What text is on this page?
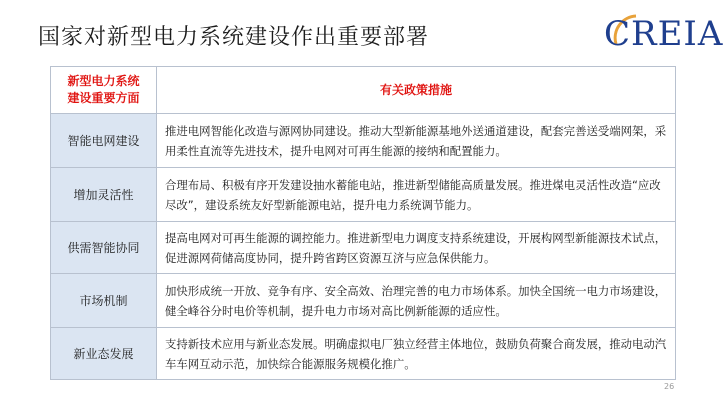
国家对新型电力系统建设作出重要部署	CREIA
新型电力系统
建设重要方面
有关政策措施
智能电网建设
推进电网智能化改造与源网协同建设。推动大型新能源基地外送通道建设，配套完善送受端网架，采用柔性直流等先进技术，提升电网对可再生能源的接纳和配置能力。
增加灵活性
合理布局、积极有序开发建设抽水蓄能电站，推进新型储能高质量发展。推进煤电灵活性改造“应改尽改”，建设系统友好型新能源电站，提升电力系统调节能力。
供需智能协同
提高电网对可再生能源的调控能力。推进新型电力调度支持系统建设，开展构网型新能源技术试点，促进源网荷储高度协同，提升跨省跨区资源互济与应急保供能力。
市场机制
加快形成统一开放、竞争有序、安全高效、治理完善的电力市场体系。加快全国统一电力市场建设，健全峰谷分时电价等机制，提升电力市场对高比例新能源的适应性。
新业态发展
支持新技术应用与新业态发展。明确虚拟电厂独立经营主体地位，鼓励负荷聚合商发展，推动电动汽车车网互动示范，加快综合能源服务规模化推广。
26
